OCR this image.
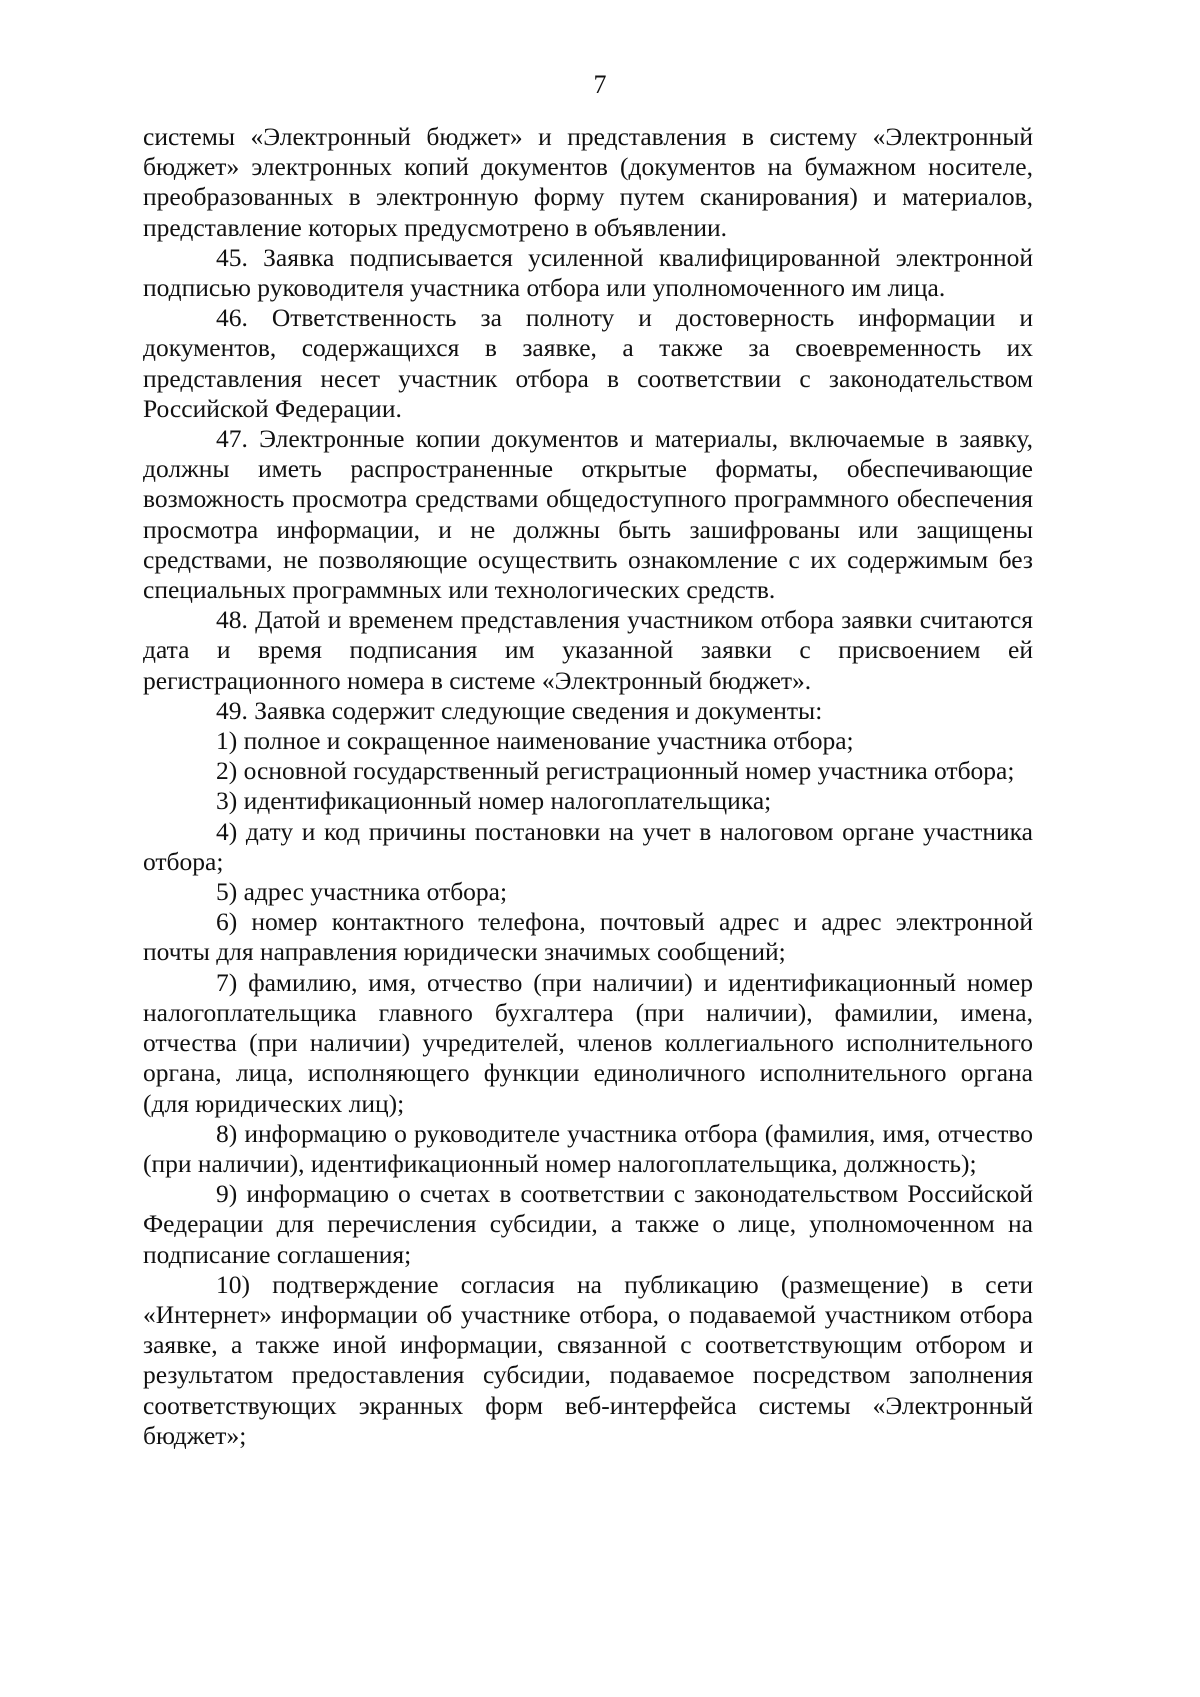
7

системы «Электронный бюджет» и представления в систему «Электронный бюджет» электронных копий документов (документов на бумажном носителе, преобразованных в электронную форму путем сканирования) и материалов, представление которых предусмотрено в объявлении.

45. Заявка подписывается усиленной квалифицированной электронной подписью руководителя участника отбора или уполномоченного им лица.

46. Ответственность за полноту и достоверность информации и документов, содержащихся в заявке, а также за своевременность их представления несет участник отбора в соответствии с законодательством Российской Федерации.

47. Электронные копии документов и материалы, включаемые в заявку, должны иметь распространенные открытые форматы, обеспечивающие возможность просмотра средствами общедоступного программного обеспечения просмотра информации, и не должны быть зашифрованы или защищены средствами, не позволяющие осуществить ознакомление с их содержимым без специальных программных или технологических средств.

48. Датой и временем представления участником отбора заявки считаются дата и время подписания им указанной заявки с присвоением ей регистрационного номера в системе «Электронный бюджет».

49. Заявка содержит следующие сведения и документы:

1) полное и сокращенное наименование участника отбора;

2) основной государственный регистрационный номер участника отбора;

3) идентификационный номер налогоплательщика;

4) дату и код причины постановки на учет в налоговом органе участника отбора;

5) адрес участника отбора;

6) номер контактного телефона, почтовый адрес и адрес электронной почты для направления юридически значимых сообщений;

7) фамилию, имя, отчество (при наличии) и идентификационный номер налогоплательщика главного бухгалтера (при наличии), фамилии, имена, отчества (при наличии) учредителей, членов коллегиального исполнительного органа, лица, исполняющего функции единоличного исполнительного органа (для юридических лиц);

8) информацию о руководителе участника отбора (фамилия, имя, отчество (при наличии), идентификационный номер налогоплательщика, должность);

9) информацию о счетах в соответствии с законодательством Российской Федерации для перечисления субсидии, а также о лице, уполномоченном на подписание соглашения;

10) подтверждение согласия на публикацию (размещение) в сети «Интернет» информации об участнике отбора, о подаваемой участником отбора заявке, а также иной информации, связанной с соответствующим отбором и результатом предоставления субсидии, подаваемое посредством заполнения соответствующих экранных форм веб-интерфейса системы «Электронный бюджет»;
